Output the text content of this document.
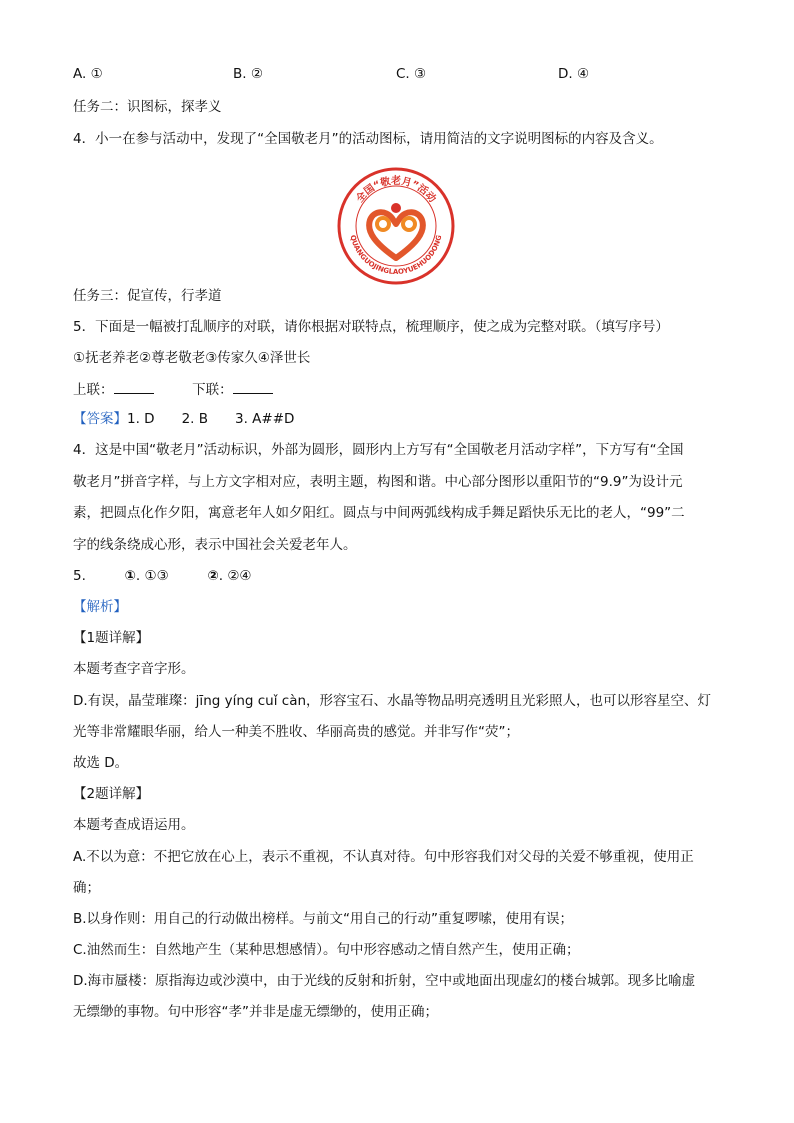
A. ①	B. ②	C. ③	D. ④
任务二：识图标，探孝义
4．小一在参与活动中，发现了“全国敬老月”的活动图标，请用简洁的文字说明图标的内容及含义。
全国“敬老月”活动
QUANGUOJINGLAOYUEHUODONG
任务三：促宣传，行孝道
5．下面是一幅被打乱顺序的对联，请你根据对联特点，梳理顺序，使之成为完整对联。（填写序号）
①抚老养老②尊老敬老③传家久④泽世长
上联：	下联：
【答案】1. D　　2. B　　3. A##D
4．这是中国“敬老月”活动标识，外部为圆形，圆形内上方写有“全国敬老月活动字样”，下方写有“全国
敬老月”拼音字样，与上方文字相对应，表明主题，构图和谐。中心部分图形以重阳节的“9.9”为设计元
素，把圆点化作夕阳，寓意老年人如夕阳红。圆点与中间两弧线构成手舞足蹈快乐无比的老人，“99”二
字的线条绕成心形，表示中国社会关爱老年人。
5.	①. ①③	②. ②④
【解析】
【1题详解】
本题考查字音字形。
D.有误，晶莹璀璨：jīng yíng cuǐ càn，形容宝石、水晶等物品明亮透明且光彩照人，也可以形容星空、灯
光等非常耀眼华丽，给人一种美不胜收、华丽高贵的感觉。并非写作“荧”；
故选 D。
【2题详解】
本题考查成语运用。
A.不以为意：不把它放在心上，表示不重视，不认真对待。句中形容我们对父母的关爱不够重视，使用正
确；
B.以身作则：用自己的行动做出榜样。与前文“用自己的行动”重复啰嗦，使用有误；
C.油然而生：自然地产生（某种思想感情）。句中形容感动之情自然产生，使用正确；
D.海市蜃楼：原指海边或沙漠中，由于光线的反射和折射，空中或地面出现虚幻的楼台城郭。现多比喻虚
无缥缈的事物。句中形容“孝”并非是虚无缥缈的，使用正确；
